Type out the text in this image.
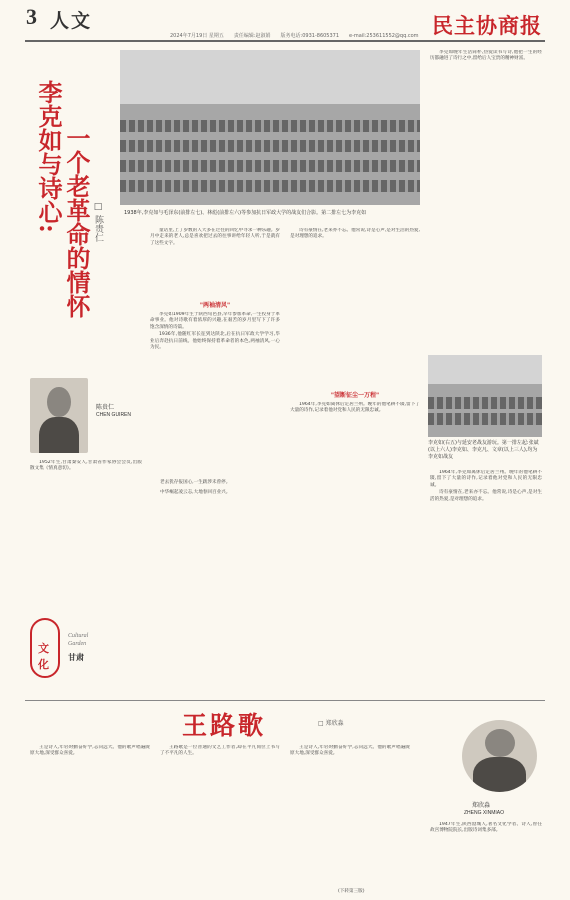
3 人文
2024年7月19日 星期五　　责任编辑:赵淑娟　　版务电话:0931-8605371　　e-mail:253611552@qq.com 民主协商报
1938年,李克如与毛泽东(前排左七)、林彪(前排左六)等参加抗日军政大学的战友们合影。第二排左七为李克如
李克如与诗心: 一个老革命的情怀 □ 陈贵仁

李克如晚年生活简朴,热爱读书写诗,他把一生的经历都融进了诗行之中,留给后人宝贵的精神财富。

李克如(右五)与延安老战友游玩。第一排左起:张斌(以上六人)李克如、李克凡、文章(以上三人),均为李克如战友

1964年,李克如离休后定居兰州。晚年的他笔耕不辍,留下了大量的诗作,记录着他对党和人民的无限忠诚。

诗有豪情在,老来亦不忘。他常说,诗是心声,是对生活的热爱,是对理想的追求。

童话里,上了岁数的人大多在过往的回忆中寻求一种乐趣。岁月中走来的老人,总是喜欢把过去的往事讲给年轻人听,于是就有了这些文字。

"两袖清风"

李克如1909年生于陕西旬邑县,早年参加革命,一生投身于革命事业。他对诗歌有着浓厚的兴趣,在艰苦的岁月里写下了许多饱含深情的诗篇。

1936年,他随红军长征到达陕北,后在抗日军政大学学习,毕业后奔赴抗日前线。他始终保持着革命者的本色,两袖清风,一心为民。

老去犹存报国心,一生跋涉未曾停。
中华崛起凌云志,大地春回百业兴。

诗有豪情在,老来亦不忘。他常说,诗是心声,是对生活的热爱,是对理想的追求。

"望断征尘一万程"

1964年,李克如离休后定居兰州。晚年的他笔耕不辍,留下了大量的诗作,记录着他对党和人民的无限忠诚。

陈贵仁
CHEN GUIREN

1952年生,甘肃秦安人,甘肃省作家协会会员,出版散文集《情真意切》。

文化
Cultural
Garden
甘肃
王路歌	□ 郑欣淼

王是诗人,年轻时勤奋好学,志向远大。他的歌声唱遍陇原大地,深受群众喜爱。

王路歌是一位普通的文艺工作者,却在平凡岗位上书写了不平凡的人生。

王是诗人,年轻时勤奋好学,志向远大。他的歌声唱遍陇原大地,深受群众喜爱。

(下转第三版)
郑欣淼
ZHENG XINMIAO

1947年生,陕西澄城人,著名文化学者、诗人,曾任故宫博物院院长,出版诗词集多部。
